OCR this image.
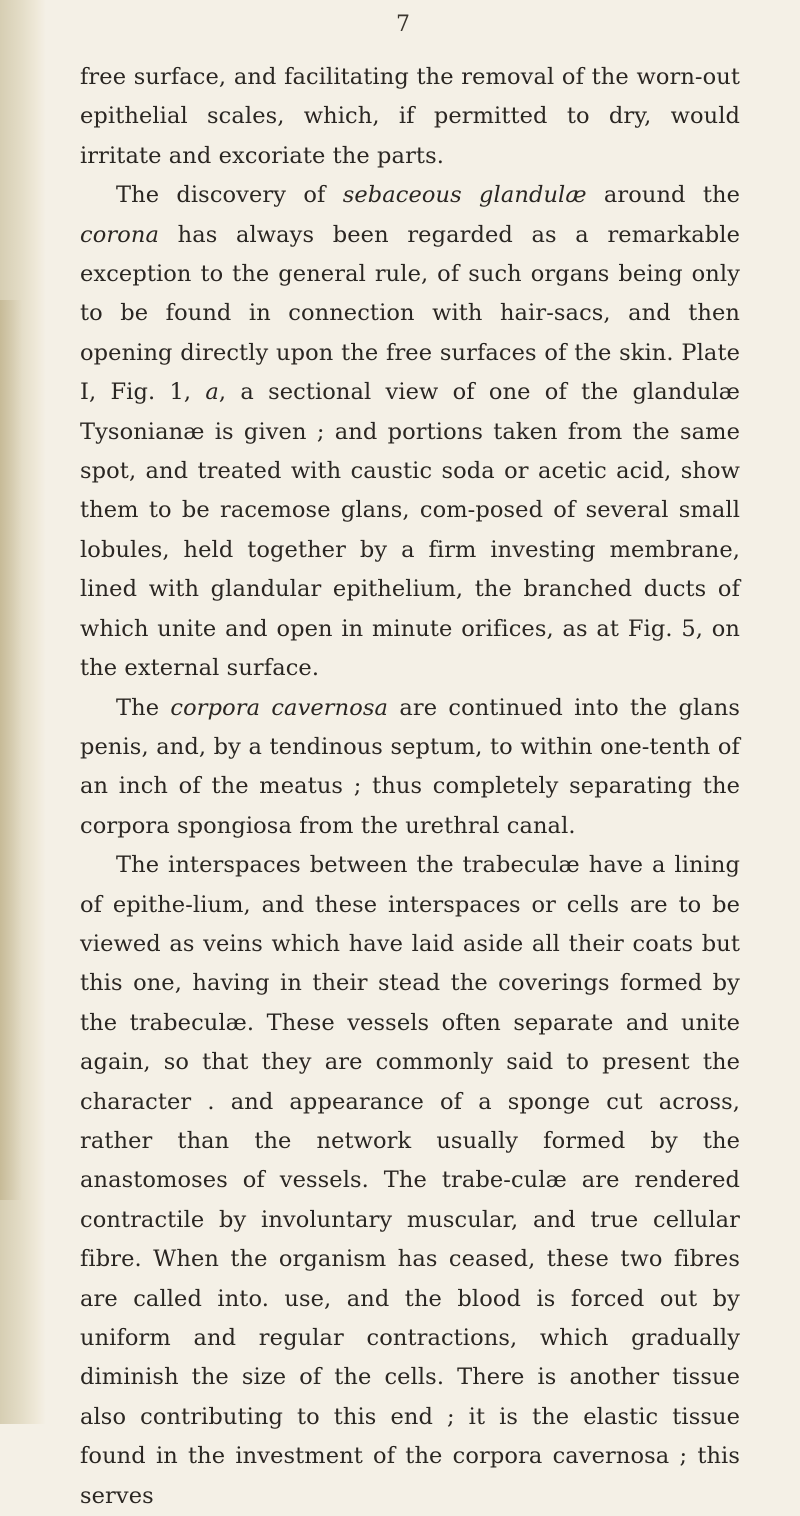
7

free surface, and facilitating the removal of the worn-out epithelial scales, which, if permitted to dry, would irritate and excoriate the parts.

The discovery of sebaceous glandulæ around the corona has always been regarded as a remarkable exception to the general rule, of such organs being only to be found in connection with hair-sacs, and then opening directly upon the free surfaces of the skin. Plate I, Fig. 1, a, a sectional view of one of the glandulæ Tysonianæ is given ; and portions taken from the same spot, and treated with caustic soda or acetic acid, show them to be racemose glans, com-posed of several small lobules, held together by a firm investing membrane, lined with glandular epithelium, the branched ducts of which unite and open in minute orifices, as at Fig. 5, on the external surface.

The corpora cavernosa are continued into the glans penis, and, by a tendinous septum, to within one-tenth of an inch of the meatus ; thus completely separating the corpora spongiosa from the urethral canal.

The interspaces between the trabeculæ have a lining of epithe-lium, and these interspaces or cells are to be viewed as veins which have laid aside all their coats but this one, having in their stead the coverings formed by the trabeculæ. These vessels often separate and unite again, so that they are commonly said to present the character . and appearance of a sponge cut across, rather than the network usually formed by the anastomoses of vessels. The trabe-culæ are rendered contractile by involuntary muscular, and true cellular fibre. When the organism has ceased, these two fibres are called into. use, and the blood is forced out by uniform and regular contractions, which gradually diminish the size of the cells. There is another tissue also contributing to this end ; it is the elastic tissue found in the investment of the corpora cavernosa ; this serves
